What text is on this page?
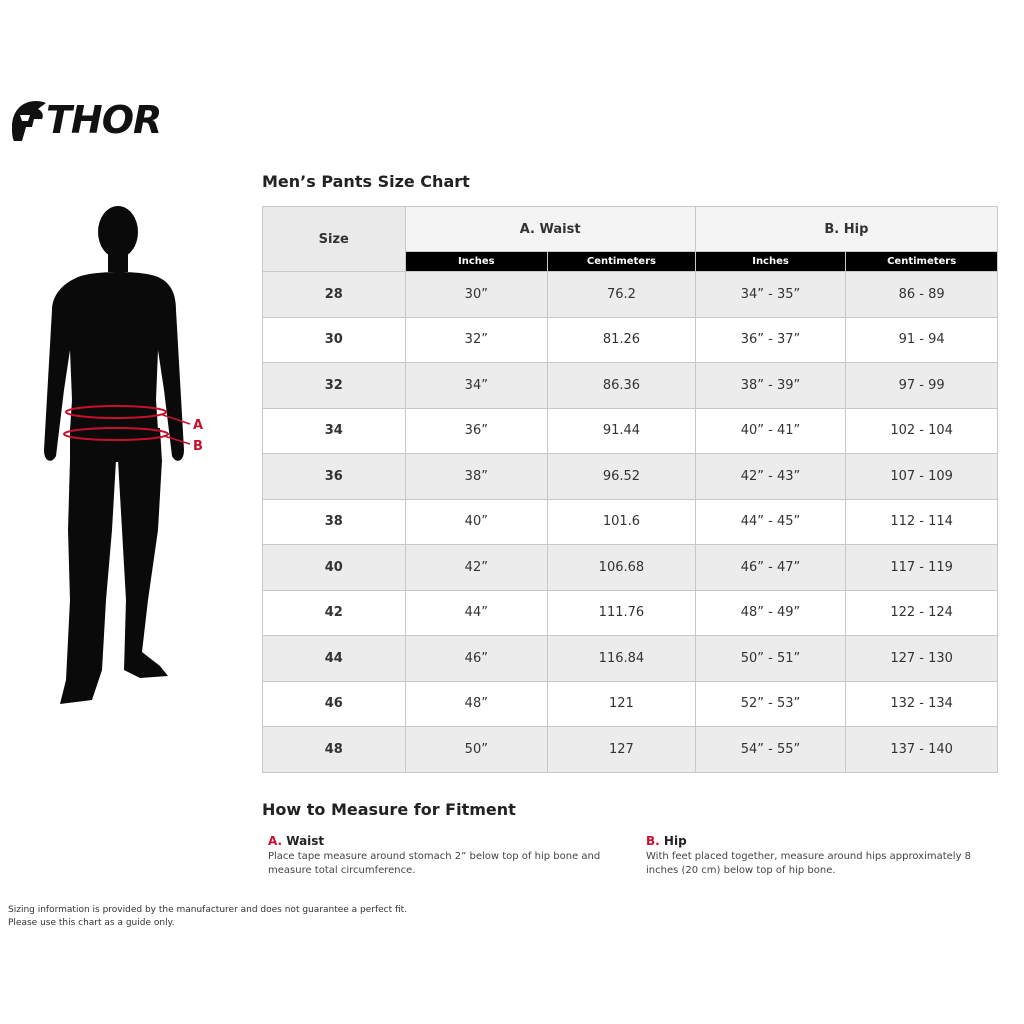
THOR
A
B
Men’s Pants Size Chart
Size	A. Waist		B. Hip	
	Inches	Centimeters	Inches	Centimeters
28	30”	76.2	34” - 35”	86 - 89
30	32”	81.26	36” - 37”	91 - 94
32	34”	86.36	38” - 39”	97 - 99
34	36”	91.44	40” - 41”	102 - 104
36	38”	96.52	42” - 43”	107 - 109
38	40”	101.6	44” - 45”	112 - 114
40	42”	106.68	46” - 47”	117 - 119
42	44”	111.76	48” - 49”	122 - 124
44	46”	116.84	50” - 51”	127 - 130
46	48”	121	52” - 53”	132 - 134
48	50”	127	54” - 55”	137 - 140
How to Measure for Fitment
A. Waist
Place tape measure around stomach 2” below top of hip bone and measure total circumference.
B. Hip
With feet placed together, measure around hips approximately 8 inches (20 cm) below top of hip bone.
Sizing information is provided by the manufacturer and does not guarantee a perfect fit.
Please use this chart as a guide only.
